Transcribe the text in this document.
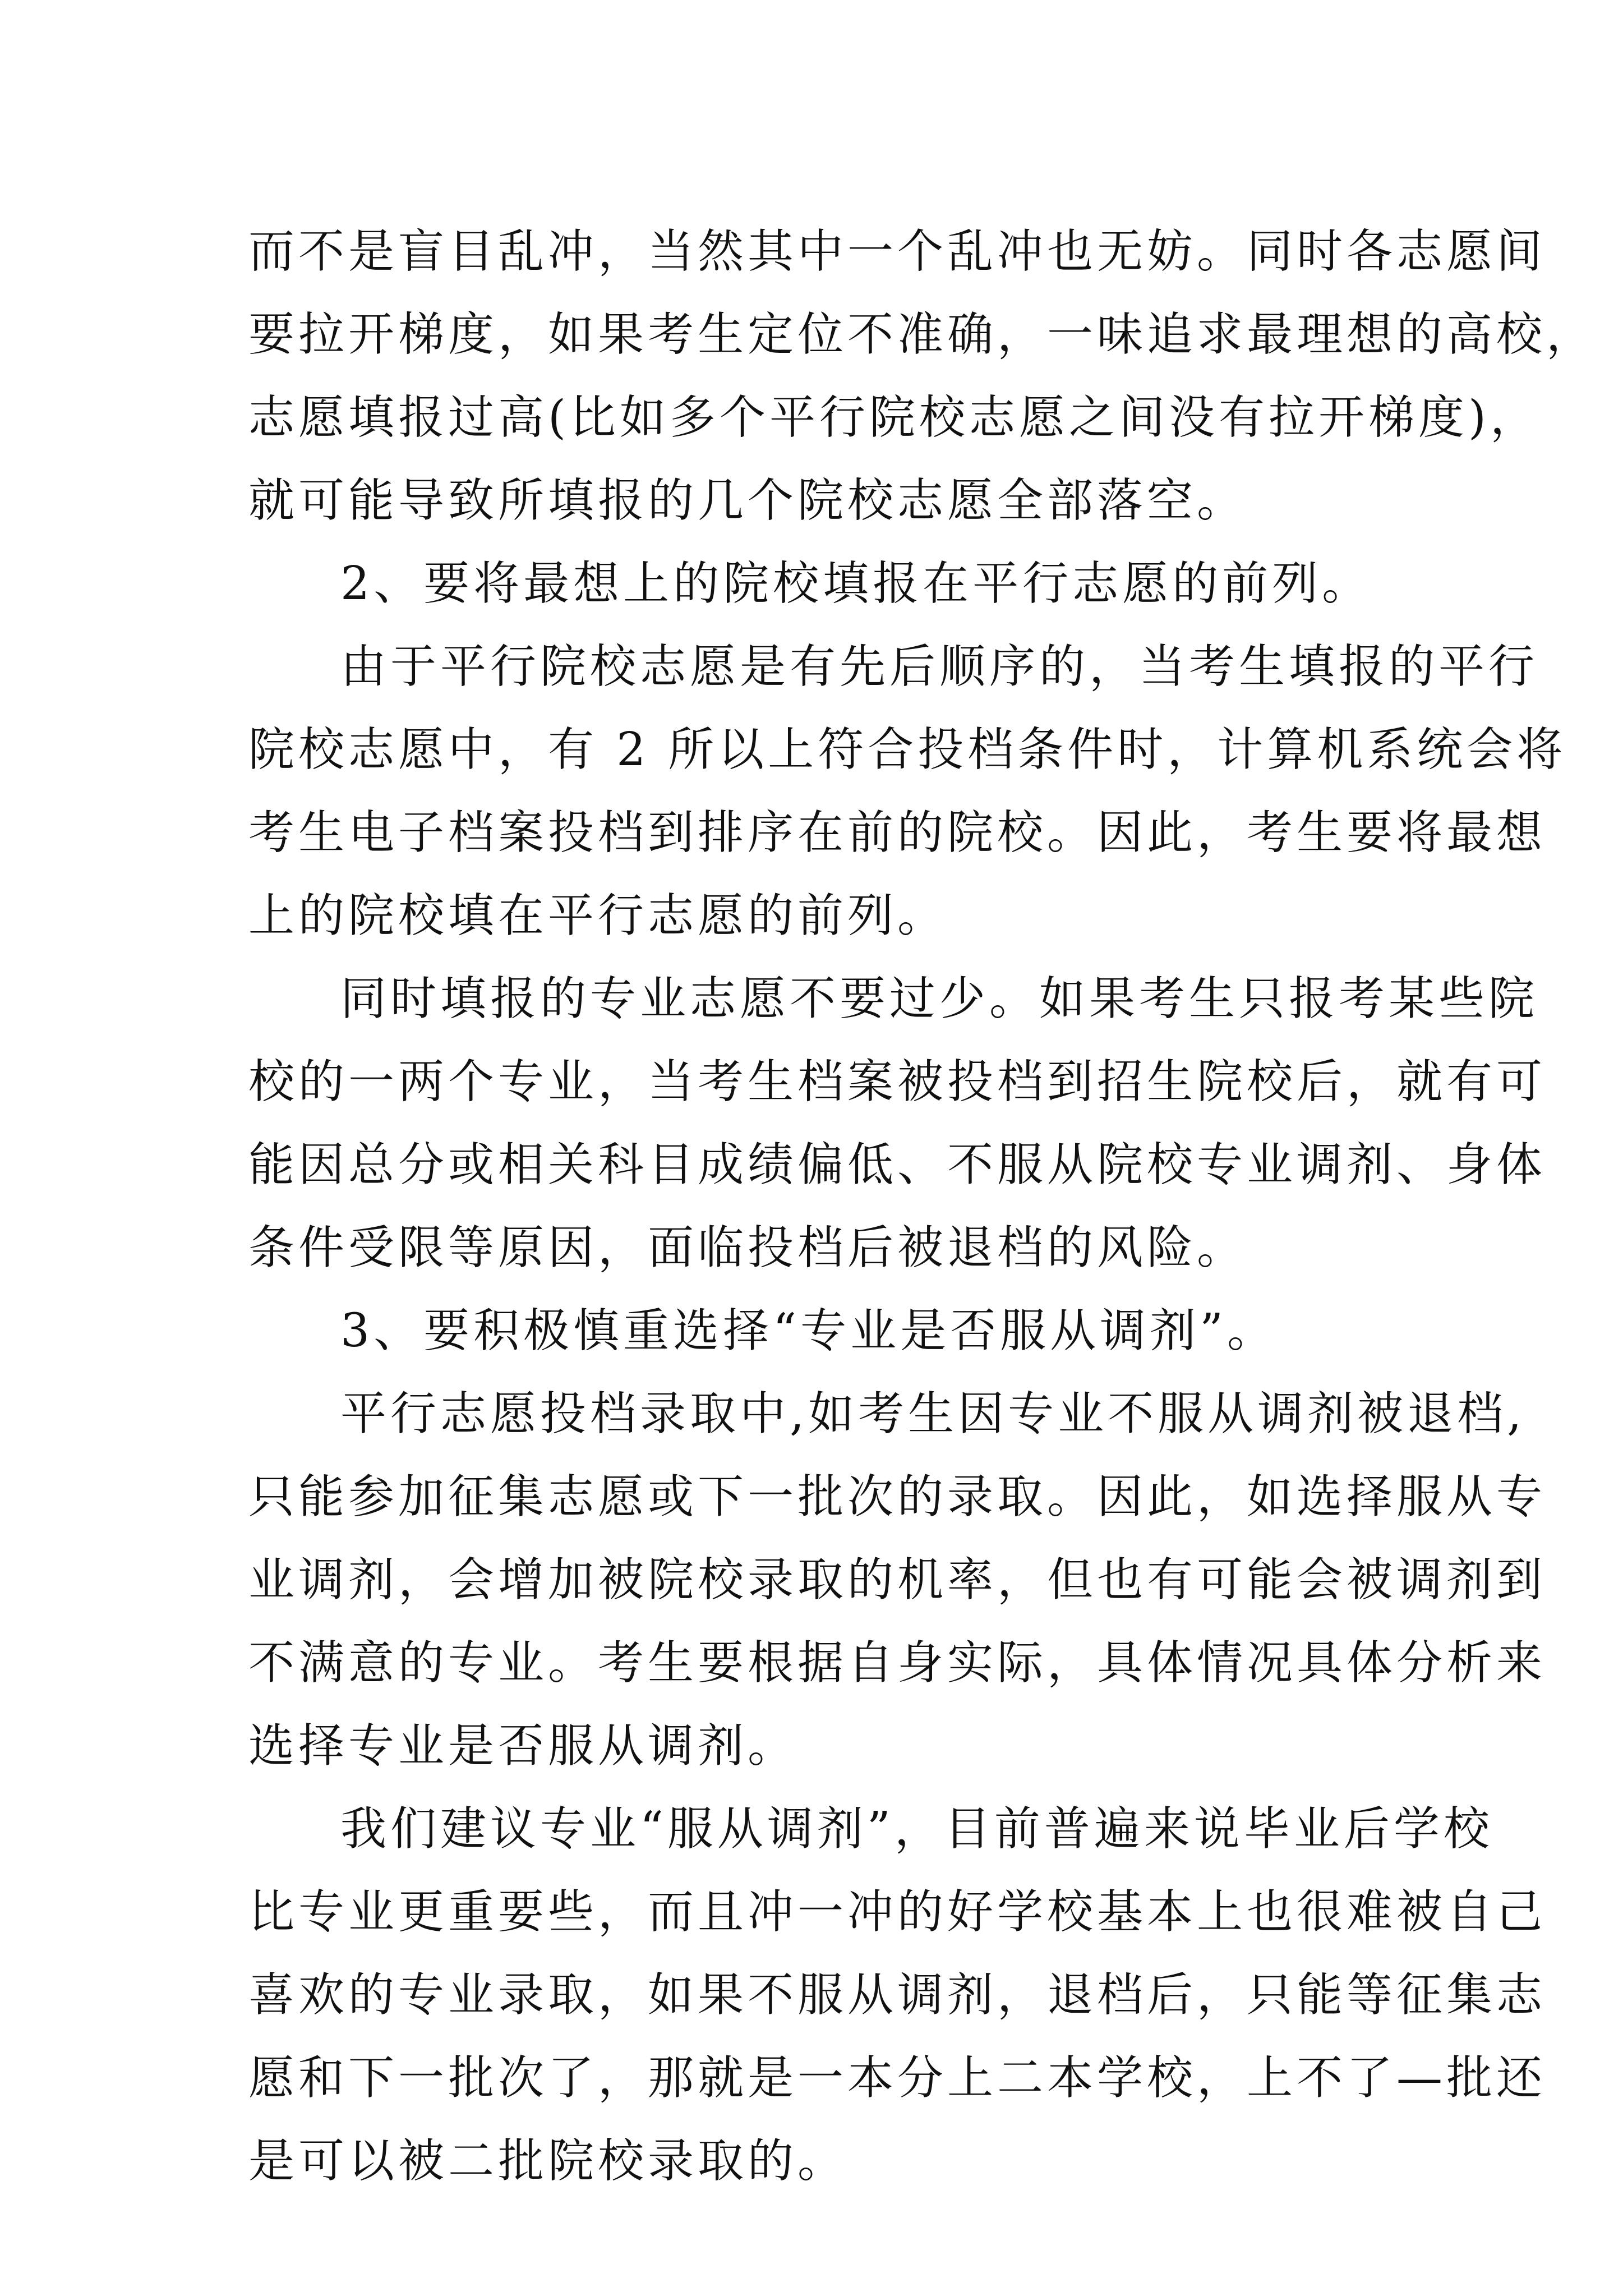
而不是盲目乱冲，当然其中一个乱冲也无妨。同时各志愿间
要拉开梯度，如果考生定位不准确，一味追求最理想的高校，
志愿填报过高(比如多个平行院校志愿之间没有拉开梯度)，
就可能导致所填报的几个院校志愿全部落空。
2、要将最想上的院校填报在平行志愿的前列。
由于平行院校志愿是有先后顺序的，当考生填报的平行
院校志愿中，有 2 所以上符合投档条件时，计算机系统会将
考生电子档案投档到排序在前的院校。因此，考生要将最想
上的院校填在平行志愿的前列。
同时填报的专业志愿不要过少。如果考生只报考某些院
校的一两个专业，当考生档案被投档到招生院校后，就有可
能因总分或相关科目成绩偏低、不服从院校专业调剂、身体
条件受限等原因，面临投档后被退档的风险。
3、要积极慎重选择“专业是否服从调剂”。
平行志愿投档录取中,如考生因专业不服从调剂被退档,
只能参加征集志愿或下一批次的录取。因此，如选择服从专
业调剂，会增加被院校录取的机率，但也有可能会被调剂到
不满意的专业。考生要根据自身实际，具体情况具体分析来
选择专业是否服从调剂。
我们建议专业“服从调剂”，目前普遍来说毕业后学校
比专业更重要些，而且冲一冲的好学校基本上也很难被自己
喜欢的专业录取，如果不服从调剂，退档后，只能等征集志
愿和下一批次了，那就是一本分上二本学校，上不了—批还
是可以被二批院校录取的。
